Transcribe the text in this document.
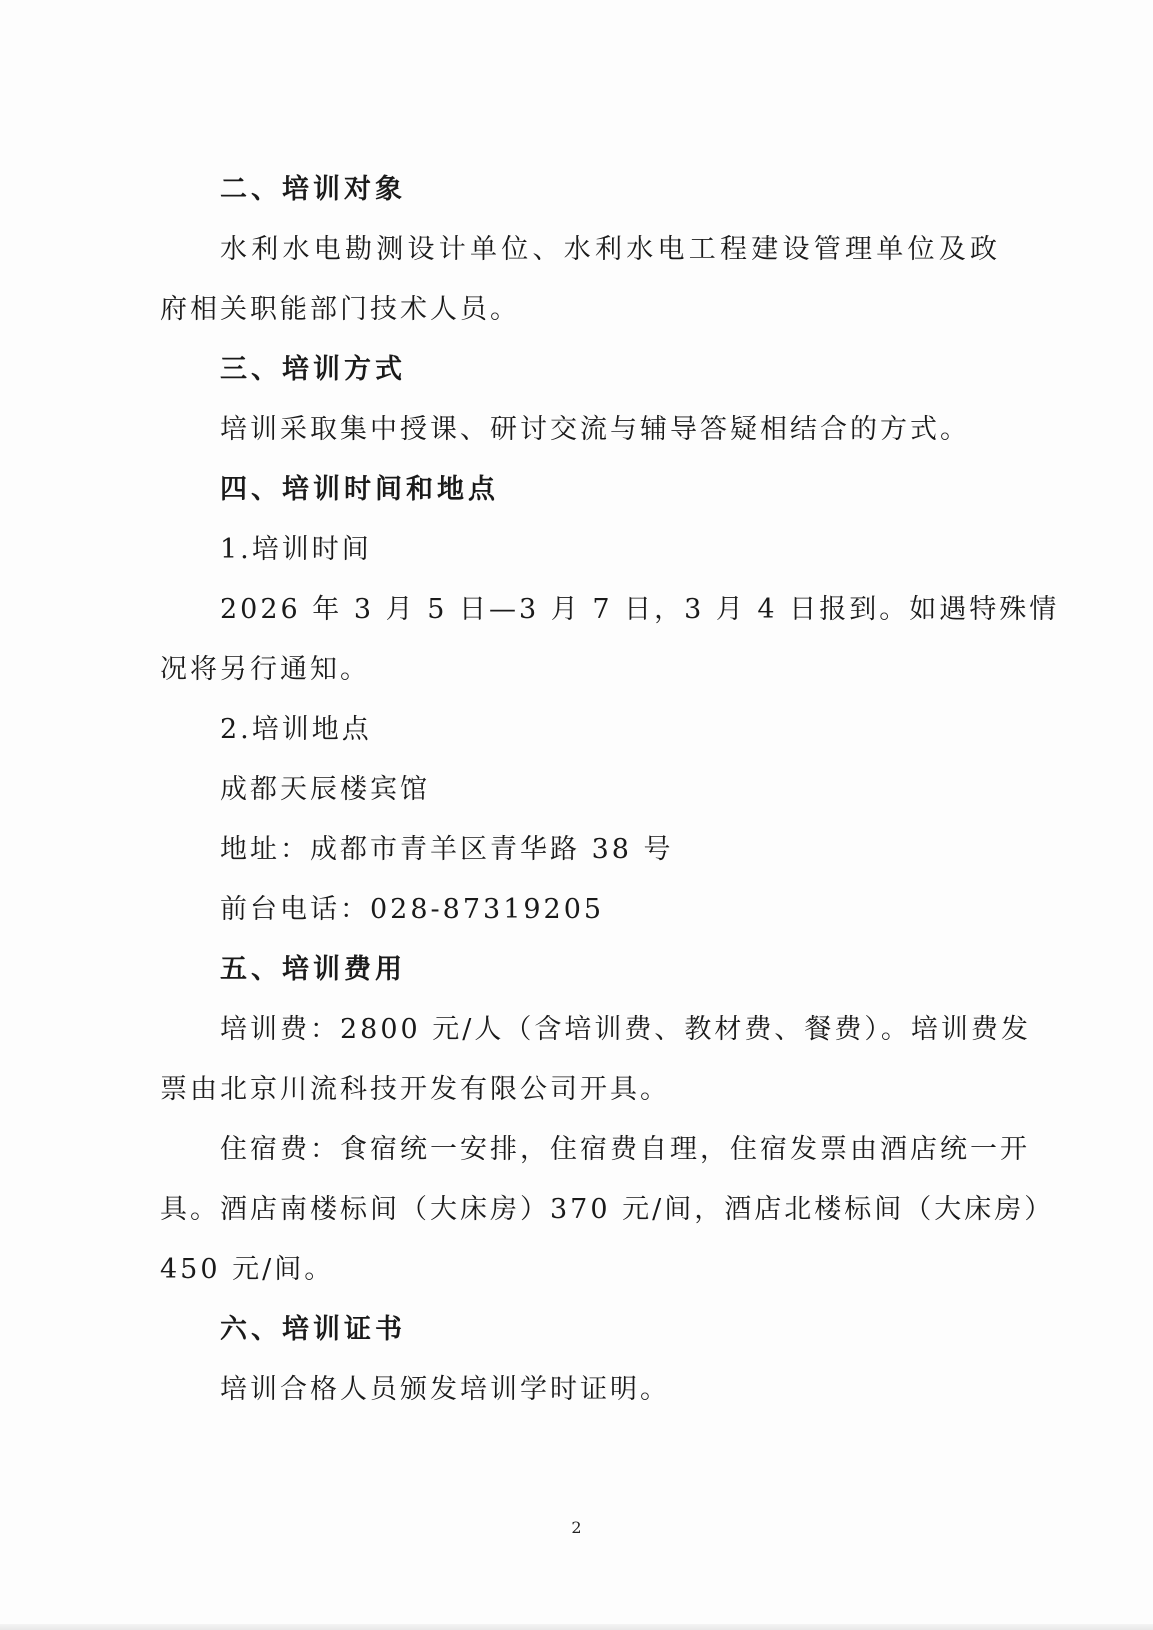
二、培训对象
水利水电勘测设计单位、水利水电工程建设管理单位及政
府相关职能部门技术人员。
三、培训方式
培训采取集中授课、研讨交流与辅导答疑相结合的方式。
四、培训时间和地点
1.培训时间
2026 年 3 月 5 日—3 月 7 日，3 月 4 日报到。如遇特殊情
况将另行通知。
2.培训地点
成都天辰楼宾馆
地址：成都市青羊区青华路 38 号
前台电话：028-87319205
五、培训费用
培训费：2800 元/人（含培训费、教材费、餐费）。培训费发
票由北京川流科技开发有限公司开具。
住宿费：食宿统一安排，住宿费自理，住宿发票由酒店统一开
具。酒店南楼标间（大床房）370 元/间，酒店北楼标间（大床房）
450 元/间。
六、培训证书
培训合格人员颁发培训学时证明。
2
